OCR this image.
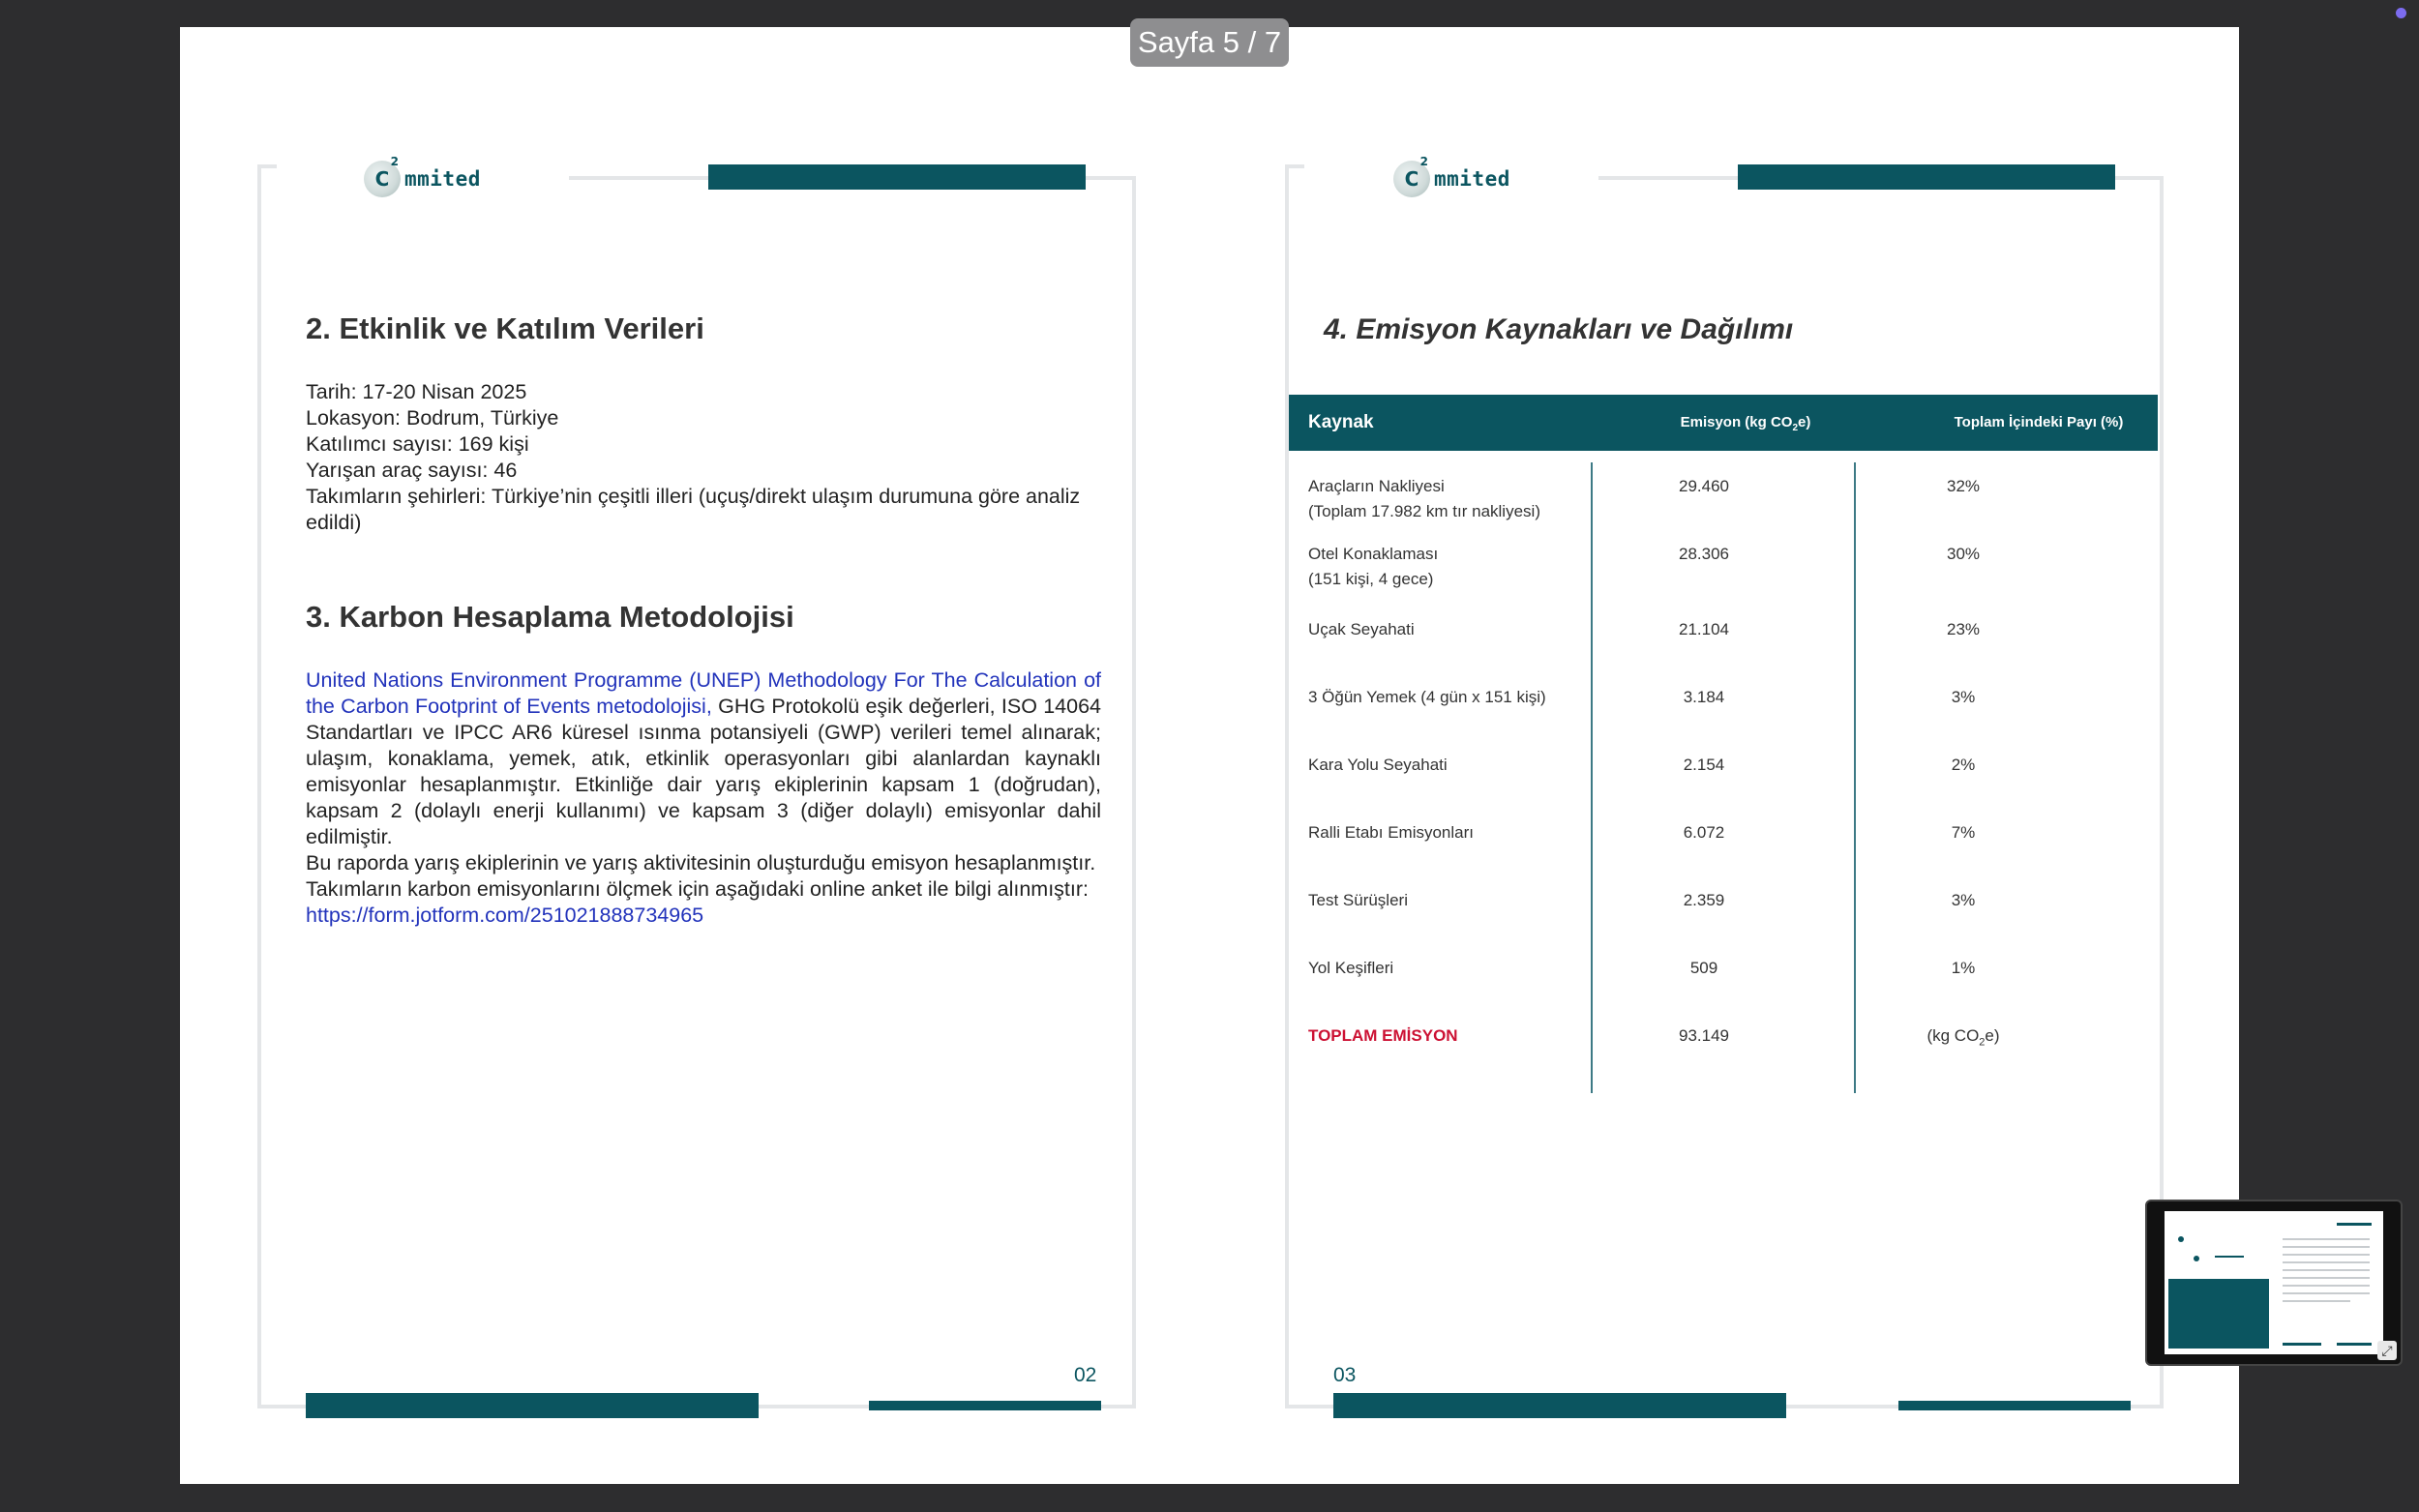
Sayfa 5 / 7
C
2
mmited
2. Etkinlik ve Katılım Verileri
Tarih: 17-20 Nisan 2025
Lokasyon: Bodrum, Türkiye
Katılımcı sayısı: 169 kişi
Yarışan araç sayısı: 46
Takımların şehirleri: Türkiye’nin çeşitli illeri (uçuş/direkt ulaşım durumuna göre analiz edildi)
3. Karbon Hesaplama Metodolojisi

United Nations Environment Programme (UNEP) Methodology For The Calculation of the Carbon Footprint of Events metodolojisi, GHG Protokolü eşik değerleri, ISO 14064 Standartları ve IPCC AR6 küresel ısınma potansiyeli (GWP) verileri temel alınarak; ulaşım, konaklama, yemek, atık, etkinlik operasyonları gibi alanlardan kaynaklı emisyonlar hesaplanmıştır. Etkinliğe dair yarış ekiplerinin kapsam 1 (doğrudan), kapsam 2 (dolaylı enerji kullanımı) ve kapsam 3 (diğer dolaylı) emisyonlar dahil edilmiştir.

Bu raporda yarış ekiplerinin ve yarış aktivitesinin oluşturduğu emisyon hesaplanmıştır.

Takımların karbon emisyonlarını ölçmek için aşağıdaki online anket ile bilgi alınmıştır:

https://form.jotform.com/251021888734965

02
C
2
mmited
4. Emisyon Kaynakları ve Dağılımı
Kaynak	Emisyon (kg $CO_2e$)	Toplam İçindeki Payı (%)
Araçların Nakliyesi
(Toplam 17.982 km tır nakliyesi)
29.460	32%
Otel Konaklaması
(151 kişi, 4 gece)
28.306	30%
Uçak Seyahati	21.104	23%
3 Öğün Yemek (4 gün x 151 kişi)	3.184	3%
Kara Yolu Seyahati	2.154	2%
Ralli Etabı Emisyonları	6.072	7%
Test Sürüşleri	2.359	3%
Yol Keşifleri	509	1%
TOPLAM EMİSYON	93.149	(kg $CO_2e$)
03
⤢
